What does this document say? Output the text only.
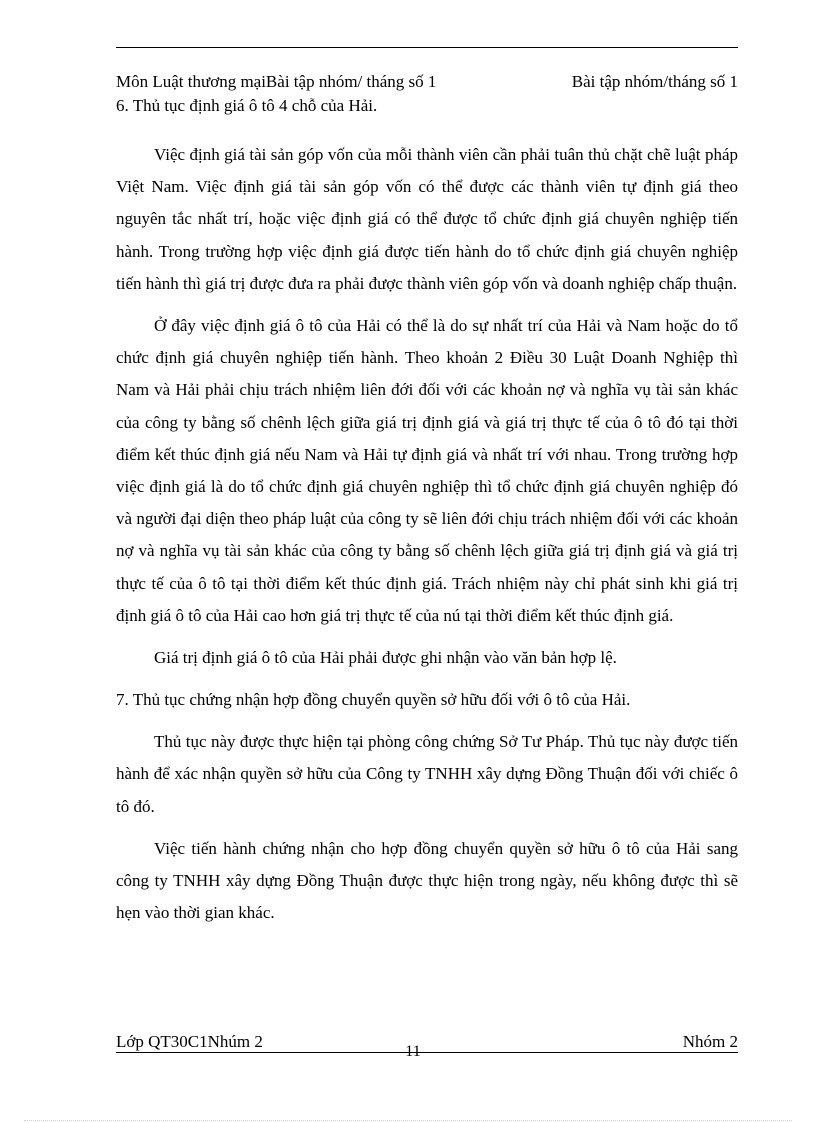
Môn Luật thương mạiBài tập nhóm/ tháng số 1	Bài tập nhóm/tháng số 1

6. Thủ tục định giá ô tô 4 chỗ của Hải.

Việc định giá tài sản góp vốn của mỗi thành viên cần phải tuân thủ chặt chẽ luật pháp Việt Nam. Việc định giá tài sản góp vốn có thể được các thành viên tự định giá theo nguyên tắc nhất trí, hoặc việc định giá có thể được tổ chức định giá chuyên nghiệp tiến hành. Trong trường hợp việc định giá được tiến hành do tổ chức định giá chuyên nghiệp tiến hành thì giá trị được đưa ra phải được thành viên góp vốn và doanh nghiệp chấp thuận.

Ở đây việc định giá ô tô của Hải có thể là do sự nhất trí của Hải và Nam hoặc do tổ chức định giá chuyên nghiệp tiến hành. Theo khoản 2 Điều 30 Luật Doanh Nghiệp thì Nam và Hải phải chịu trách nhiệm liên đới đối với các khoản nợ và nghĩa vụ tài sản khác của công ty bằng số chênh lệch giữa giá trị định giá và giá trị thực tế của ô tô đó tại thời điểm kết thúc định giá nếu Nam và Hải tự định giá và nhất trí với nhau. Trong trường hợp việc định giá là do tổ chức định giá chuyên nghiệp thì tổ chức định giá chuyên nghiệp đó và người đại diện theo pháp luật của công ty sẽ liên đới chịu trách nhiệm đối với các khoản nợ và nghĩa vụ tài sản khác của công ty bằng số chênh lệch giữa giá trị định giá và giá trị thực tế của ô tô tại thời điểm kết thúc định giá. Trách nhiệm này chỉ phát sinh khi giá trị định giá ô tô của Hải cao hơn giá trị thực tế của nú tại thời điểm kết thúc định giá.

Giá trị định giá ô tô của Hải phải được ghi nhận vào văn bản hợp lệ.

7. Thủ tục chứng nhận hợp đồng chuyển quyền sở hữu đối với ô tô của Hải.

Thủ tục này được thực hiện tại phòng công chứng Sở Tư Pháp. Thủ tục này được tiến hành để xác nhận quyền sở hữu của Công ty TNHH xây dựng Đồng Thuận đối với chiếc ô tô đó.

Việc tiến hành chứng nhận cho hợp đồng chuyển quyền sở hữu ô tô của Hải sang công ty TNHH xây dựng Đồng Thuận được thực hiện trong ngày, nếu không được thì sẽ hẹn vào thời gian khác.

Lớp QT30C1Nhúm 2	Nhóm 2
11
